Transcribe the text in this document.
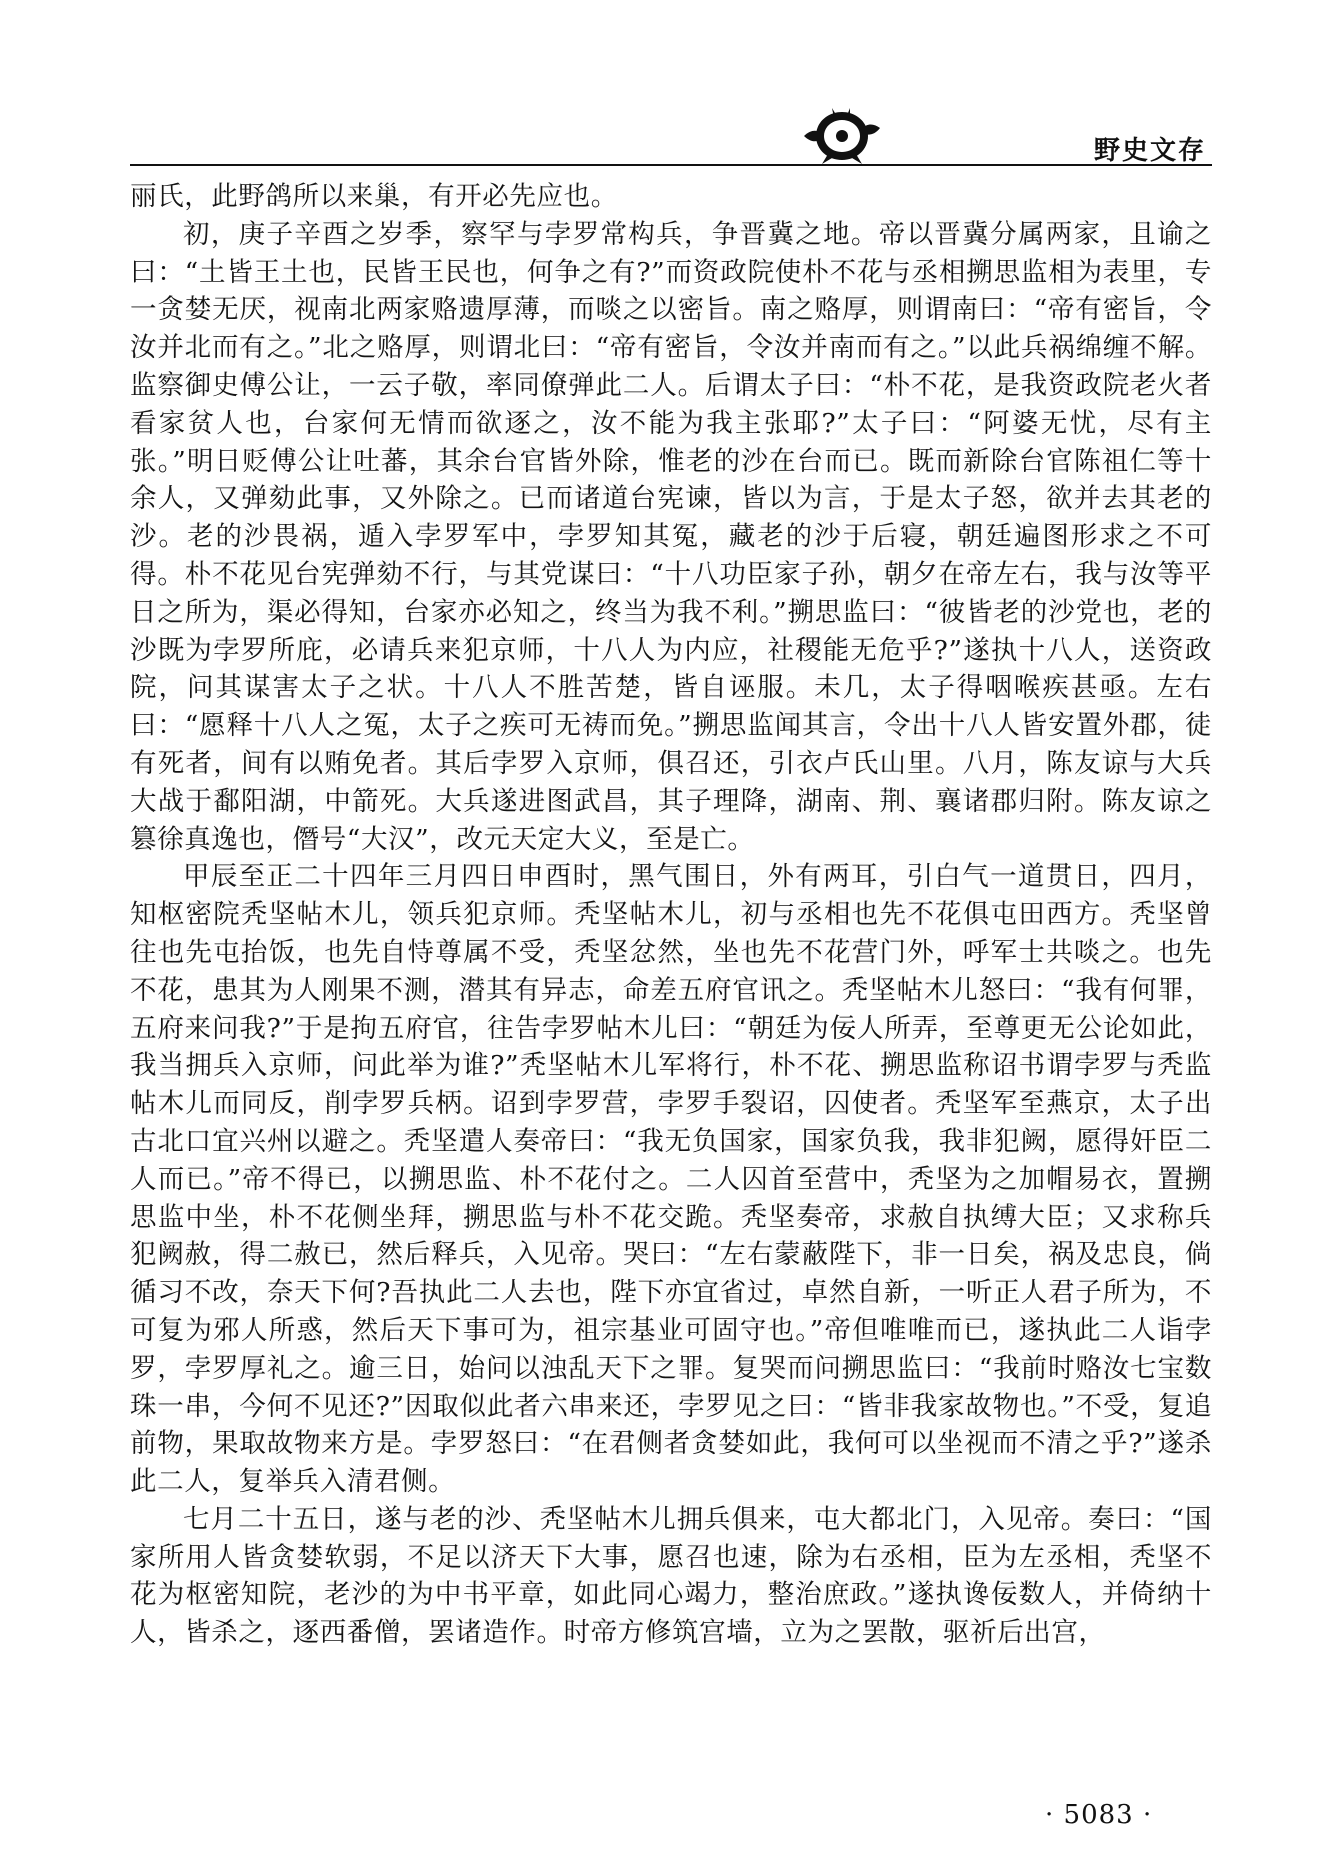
野史文存

丽氏，此野鸽所以来巢，有开必先应也。

初，庚子辛酉之岁季，察罕与孛罗常构兵，争晋冀之地。帝以晋冀分属两家，且谕之曰：“土皆王土也，民皆王民也，何争之有?”而资政院使朴不花与丞相搠思监相为表里，专一贪婪无厌，视南北两家赂遗厚薄，而啖之以密旨。南之赂厚，则谓南曰：“帝有密旨，令汝并北而有之。”北之赂厚，则谓北曰：“帝有密旨，令汝并南而有之。”以此兵祸绵缠不解。监察御史傅公让，一云子敬，率同僚弹此二人。后谓太子曰：“朴不花，是我资政院老火者看家贫人也，台家何无情而欲逐之，汝不能为我主张耶?”太子曰：“阿婆无忧，尽有主张。”明日贬傅公让吐蕃，其余台官皆外除，惟老的沙在台而已。既而新除台官陈祖仁等十余人，又弹劾此事，又外除之。已而诸道台宪谏，皆以为言，于是太子怒，欲并去其老的沙。老的沙畏祸，遁入孛罗军中，孛罗知其冤，藏老的沙于后寝，朝廷遍图形求之不可得。朴不花见台宪弹劾不行，与其党谋曰：“十八功臣家子孙，朝夕在帝左右，我与汝等平日之所为，渠必得知，台家亦必知之，终当为我不利。”搠思监曰：“彼皆老的沙党也，老的沙既为孛罗所庇，必请兵来犯京师，十八人为内应，社稷能无危乎?”遂执十八人，送资政院，问其谋害太子之状。十八人不胜苦楚，皆自诬服。未几，太子得咽喉疾甚亟。左右曰：“愿释十八人之冤，太子之疾可无祷而免。”搠思监闻其言，令出十八人皆安置外郡，徒有死者，间有以贿免者。其后孛罗入京师，俱召还，引衣卢氏山里。八月，陈友谅与大兵大战于鄱阳湖，中箭死。大兵遂进图武昌，其子理降，湖南、荆、襄诸郡归附。陈友谅之篡徐真逸也，僭号“大汉”，改元天定大义，至是亡。

甲辰至正二十四年三月四日申酉时，黑气围日，外有两耳，引白气一道贯日，四月，知枢密院秃坚帖木儿，领兵犯京师。秃坚帖木儿，初与丞相也先不花俱屯田西方。秃坚曾往也先屯抬饭，也先自恃尊属不受，秃坚忿然，坐也先不花营门外，呼军士共啖之。也先不花，患其为人刚果不测，潜其有异志，命差五府官讯之。秃坚帖木儿怒曰：“我有何罪，五府来问我?”于是拘五府官，往告孛罗帖木儿曰：“朝廷为佞人所弄，至尊更无公论如此，我当拥兵入京师，问此举为谁?”秃坚帖木儿军将行，朴不花、搠思监称诏书谓孛罗与秃监帖木儿而同反，削孛罗兵柄。诏到孛罗营，孛罗手裂诏，囚使者。秃坚军至燕京，太子出古北口宜兴州以避之。秃坚遣人奏帝曰：“我无负国家，国家负我，我非犯阙，愿得奸臣二人而已。”帝不得已，以搠思监、朴不花付之。二人囚首至营中，秃坚为之加帽易衣，置搠思监中坐，朴不花侧坐拜，搠思监与朴不花交跪。秃坚奏帝，求赦自执缚大臣；又求称兵犯阙赦，得二赦已，然后释兵，入见帝。哭曰：“左右蒙蔽陛下，非一日矣，祸及忠良，倘循习不改，奈天下何?吾执此二人去也，陛下亦宜省过，卓然自新，一听正人君子所为，不可复为邪人所惑，然后天下事可为，祖宗基业可固守也。”帝但唯唯而已，遂执此二人诣孛罗，孛罗厚礼之。逾三日，始问以浊乱天下之罪。复哭而问搠思监曰：“我前时赂汝七宝数珠一串，今何不见还?”因取似此者六串来还，孛罗见之曰：“皆非我家故物也。”不受，复追前物，果取故物来方是。孛罗怒曰：“在君侧者贪婪如此，我何可以坐视而不清之乎?”遂杀此二人，复举兵入清君侧。

七月二十五日，遂与老的沙、秃坚帖木儿拥兵俱来，屯大都北门，入见帝。奏曰：“国家所用人皆贪婪软弱，不足以济天下大事，愿召也速，除为右丞相，臣为左丞相，秃坚不花为枢密知院，老沙的为中书平章，如此同心竭力，整治庶政。”遂执谗佞数人，并倚纳十人，皆杀之，逐西番僧，罢诸造作。时帝方修筑宫墙，立为之罢散，驱祈后出宫，

· 5083 ·
